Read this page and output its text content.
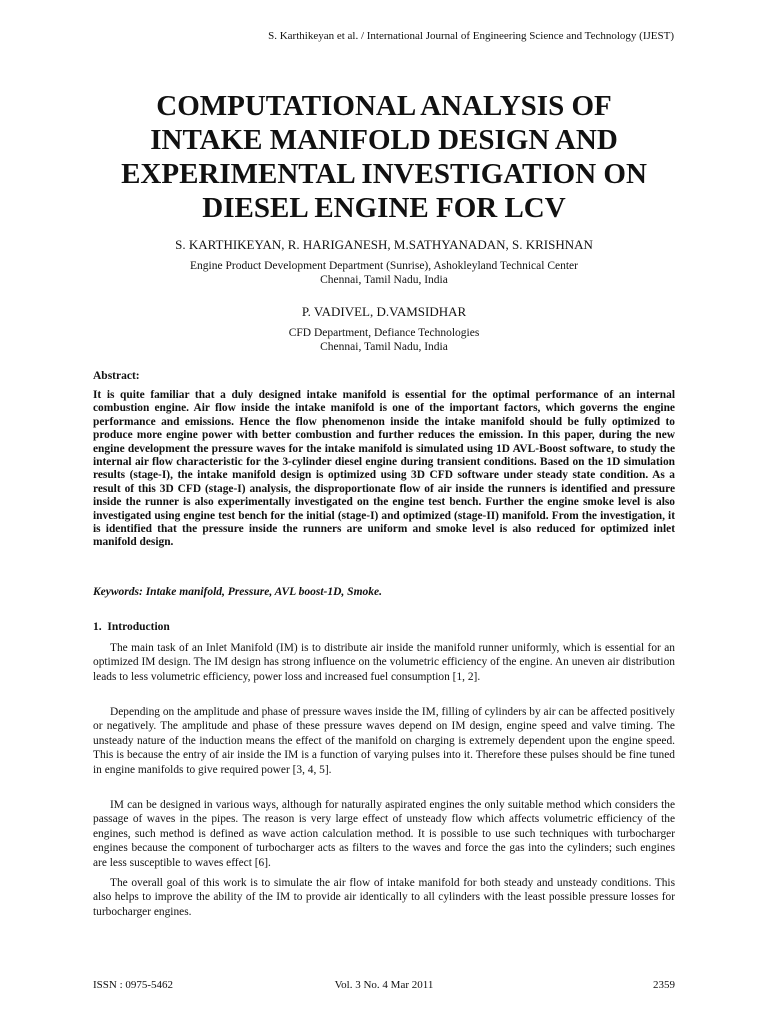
S. Karthikeyan et al. / International Journal of Engineering Science and Technology (IJEST)
COMPUTATIONAL ANALYSIS OF
INTAKE MANIFOLD DESIGN AND
EXPERIMENTAL INVESTIGATION ON
DIESEL ENGINE FOR LCV
S. KARTHIKEYAN, R. HARIGANESH, M.SATHYANADAN, S. KRISHNAN
Engine Product Development Department (Sunrise), Ashokleyland Technical Center
Chennai, Tamil Nadu, India
P. VADIVEL, D.VAMSIDHAR
CFD Department, Defiance Technologies
Chennai, Tamil Nadu, India
Abstract:

It is quite familiar that a duly designed intake manifold is essential for the optimal performance of an internal combustion engine. Air flow inside the intake manifold is one of the important factors, which governs the engine performance and emissions. Hence the flow phenomenon inside the intake manifold should be fully optimized to produce more engine power with better combustion and further reduces the emission. In this paper, during the new engine development the pressure waves for the intake manifold is simulated using 1D AVL-Boost software, to study the internal air flow characteristic for the 3-cylinder diesel engine during transient conditions. Based on the 1D simulation results (stage-I), the intake manifold design is optimized using 3D CFD software under steady state condition. As a result of this 3D CFD (stage-I) analysis, the disproportionate flow of air inside the runners is identified and pressure inside the runner is also experimentally investigated on the engine test bench. Further the engine smoke level is also investigated using engine test bench for the initial (stage-I) and optimized (stage-II) manifold. From the investigation, it is identified that the pressure inside the runners are uniform and smoke level is also reduced for optimized inlet manifold design.

Keywords: Intake manifold, Pressure, AVL boost-1D, Smoke.
1.  Introduction

The main task of an Inlet Manifold (IM) is to distribute air inside the manifold runner uniformly, which is essential for an optimized IM design. The IM design has strong influence on the volumetric efficiency of the engine. An uneven air distribution leads to less volumetric efficiency, power loss and increased fuel consumption [1, 2].

Depending on the amplitude and phase of pressure waves inside the IM, filling of cylinders by air can be affected positively or negatively. The amplitude and phase of these pressure waves depend on IM design, engine speed and valve timing. The unsteady nature of the induction means the effect of the manifold on charging is extremely dependent upon the engine speed. This is because the entry of air inside the IM is a function of varying pulses into it. Therefore these pulses should be fine tuned in engine manifolds to give required power [3, 4, 5].

IM can be designed in various ways, although for naturally aspirated engines the only suitable method which considers the passage of waves in the pipes. The reason is very large effect of unsteady flow which affects volumetric efficiency of the engines, such method is defined as wave action calculation method. It is possible to use such techniques with turbocharger engines because the component of turbocharger acts as filters to the waves and force the gas into the cylinders; such engines are less susceptible to waves effect [6].

The overall goal of this work is to simulate the air flow of intake manifold for both steady and unsteady conditions. This also helps to improve the ability of the IM to provide air identically to all cylinders with the least possible pressure losses for turbocharger engines.

ISSN : 0975-5462	Vol. 3 No. 4 Mar 2011	2359
